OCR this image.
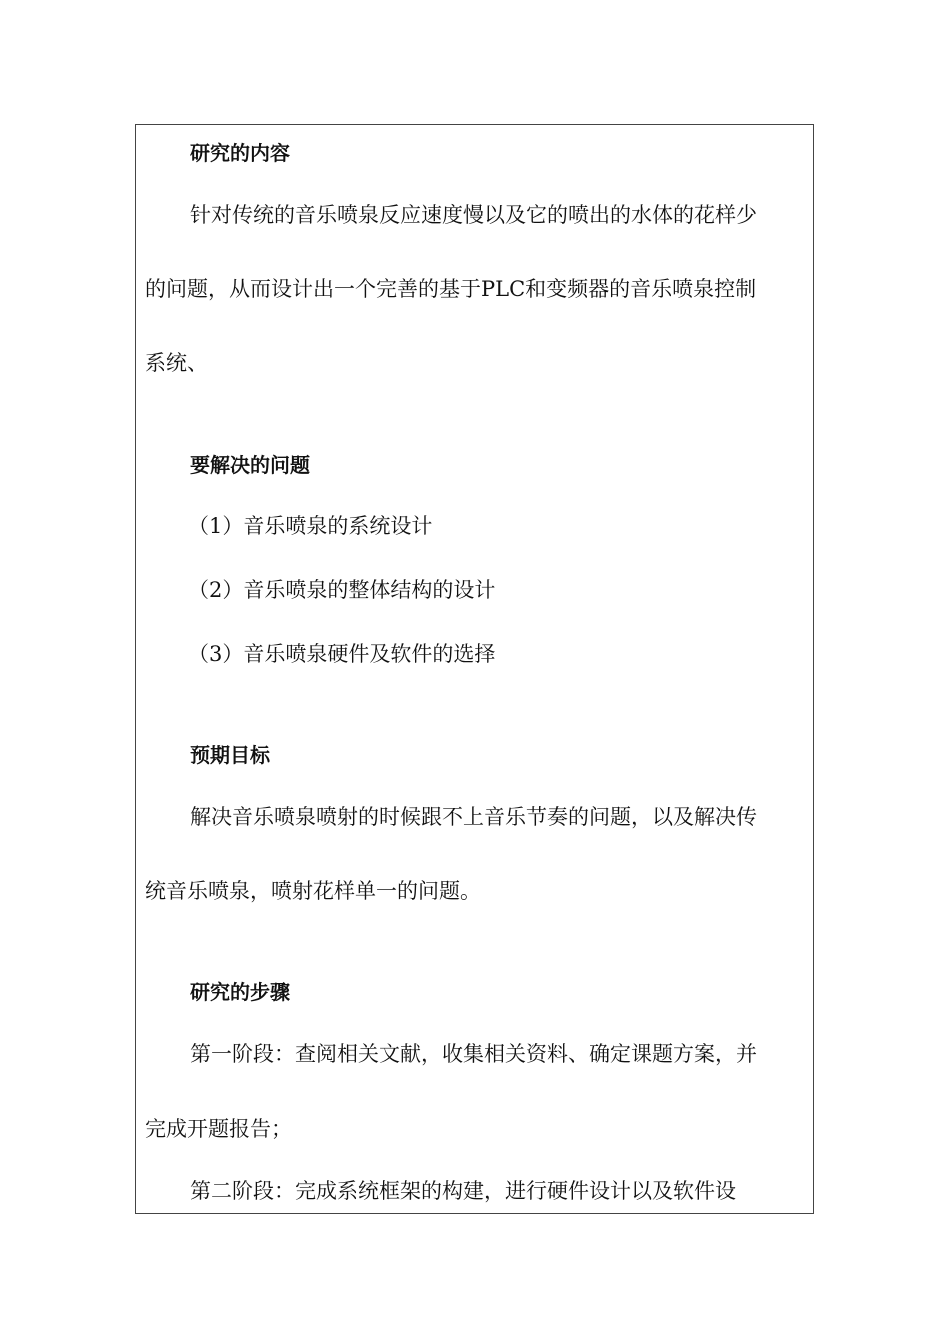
研究的内容
针对传统的音乐喷泉反应速度慢以及它的喷出的水体的花样少
的问题，从而设计出一个完善的基于PLC和变频器的音乐喷泉控制
系统、
要解决的问题
（1）音乐喷泉的系统设计
（2）音乐喷泉的整体结构的设计
（3）音乐喷泉硬件及软件的选择
预期目标
解决音乐喷泉喷射的时候跟不上音乐节奏的问题，以及解决传
统音乐喷泉，喷射花样单一的问题。
研究的步骤
第一阶段：查阅相关文献，收集相关资料、确定课题方案，并
完成开题报告；
第二阶段：完成系统框架的构建，进行硬件设计以及软件设
